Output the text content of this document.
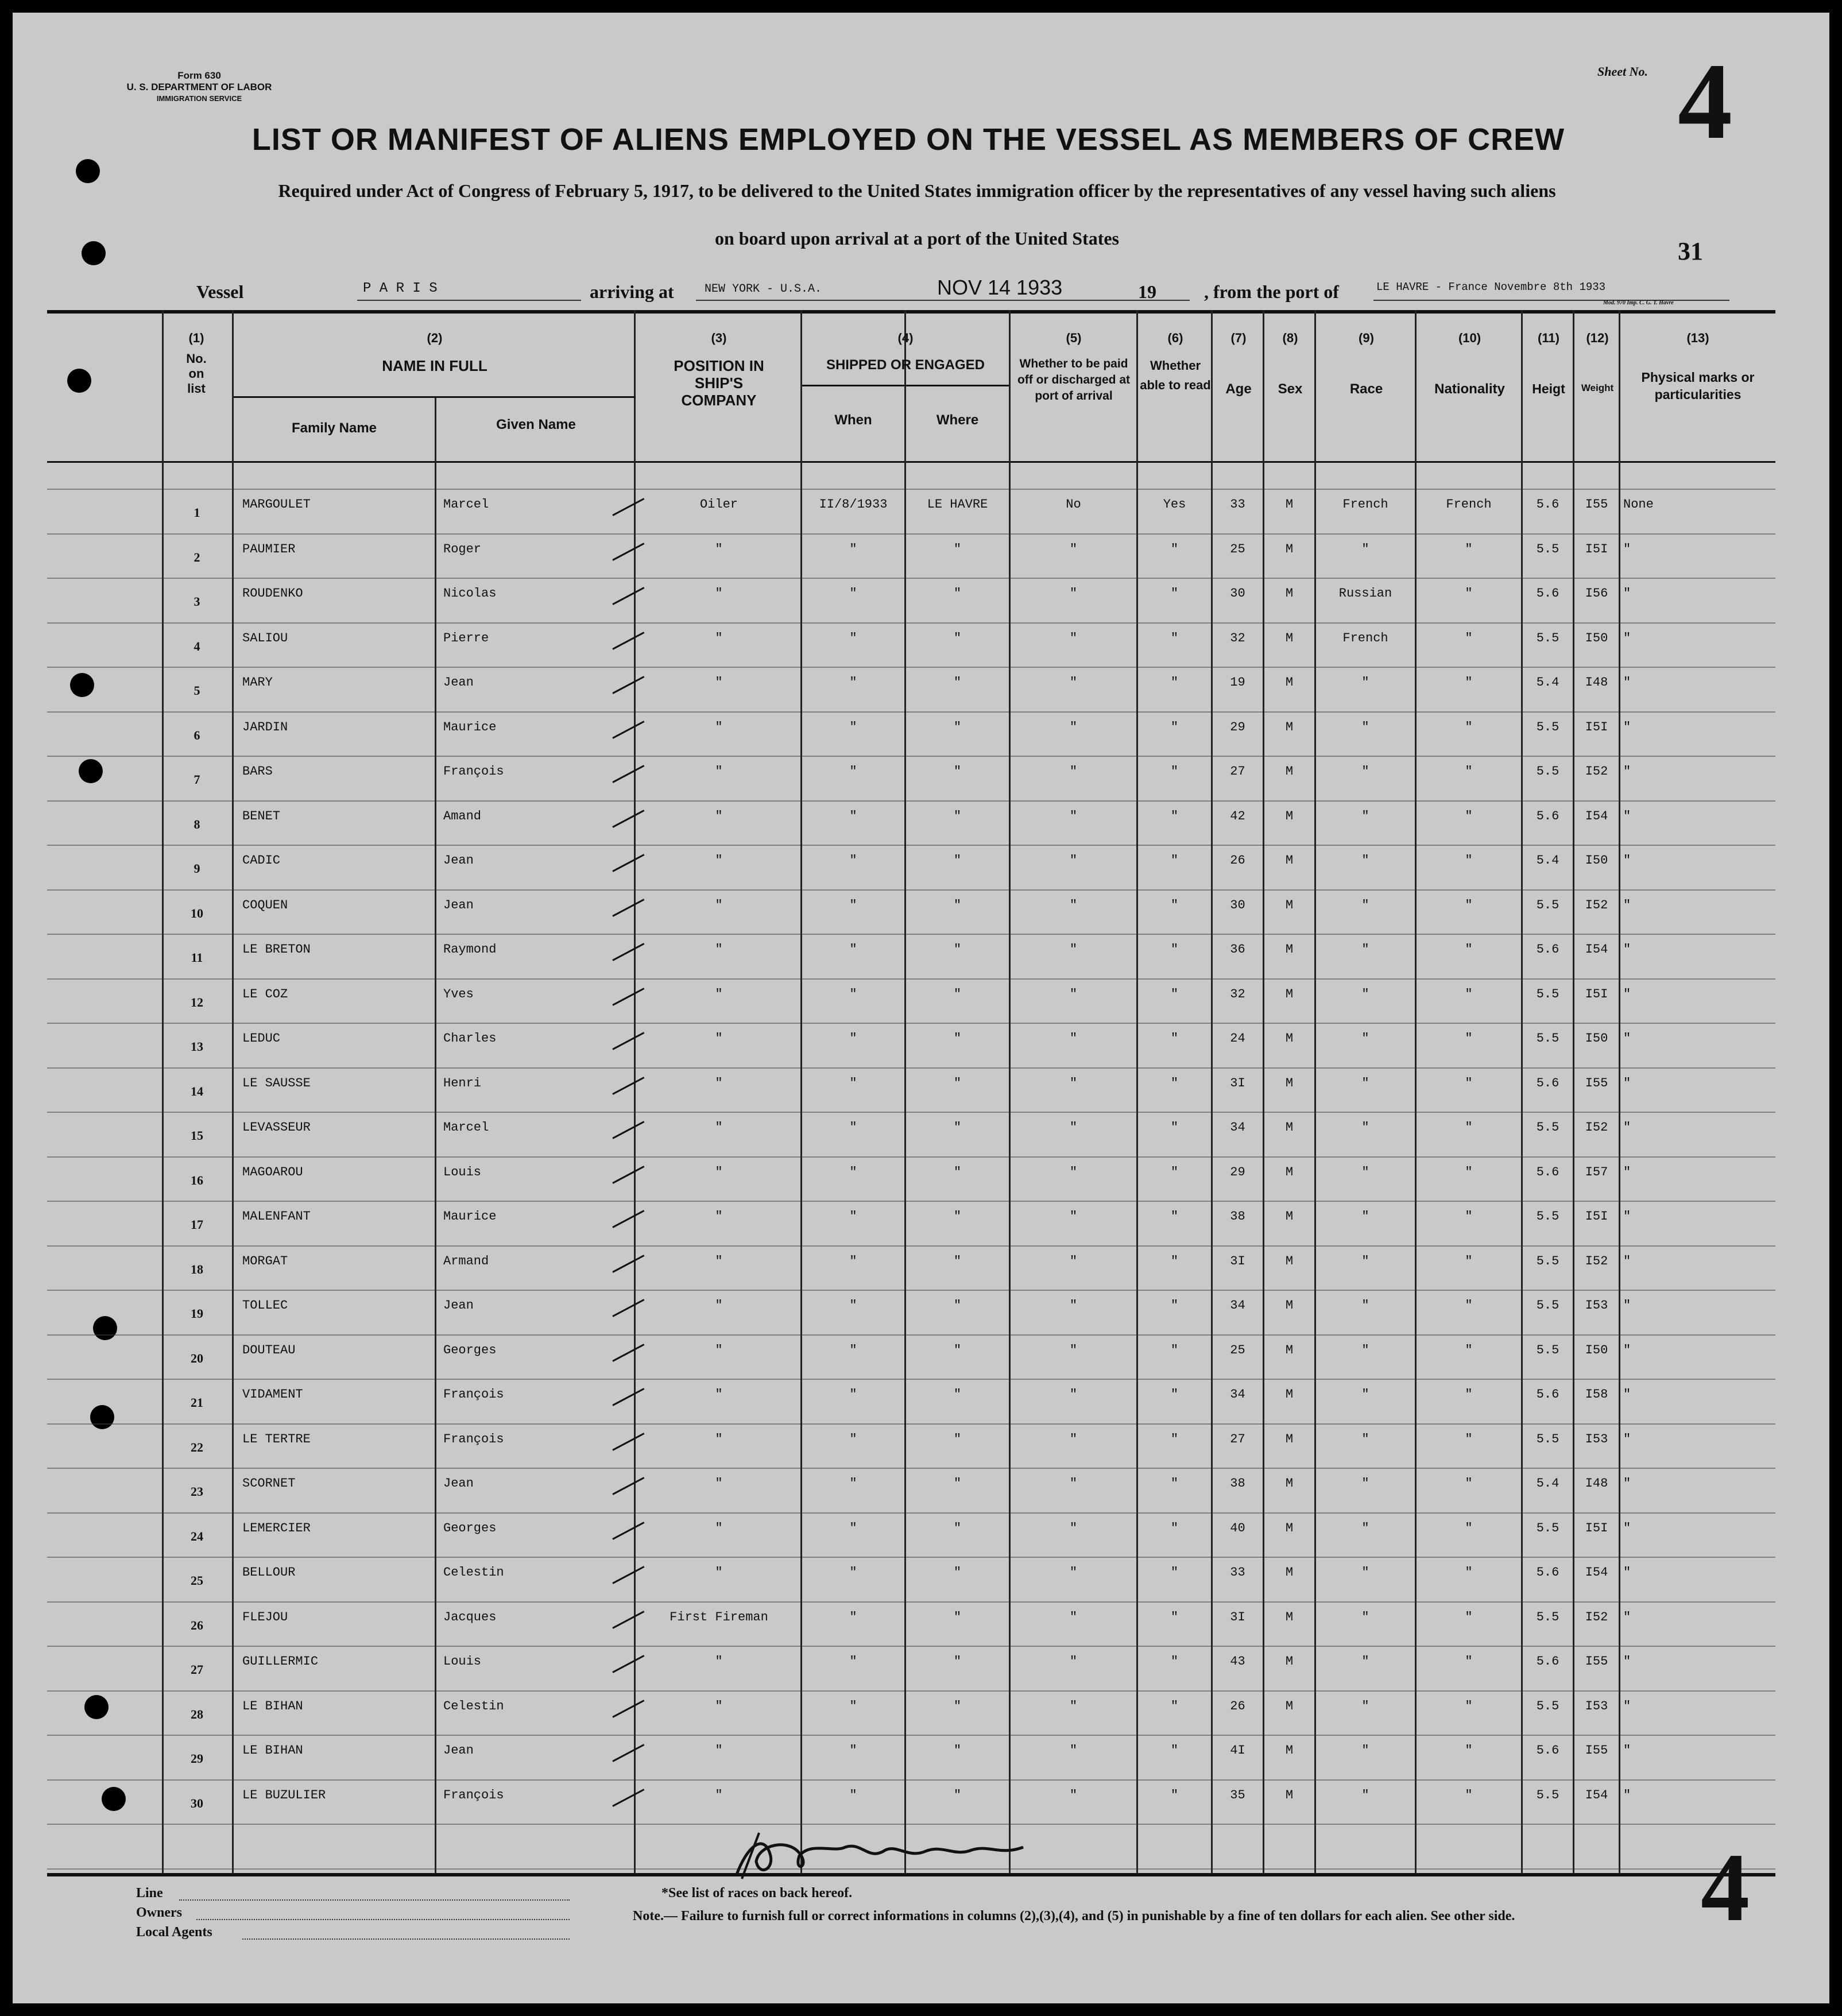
Form 630
U. S. DEPARTMENT OF LABOR
IMMIGRATION SERVICE
Sheet No. 4
LIST OR MANIFEST OF ALIENS EMPLOYED ON THE VESSEL AS MEMBERS OF CREW
Required under Act of Congress of February 5, 1917, to be delivered to the United States immigration officer by the representatives of any vessel having such aliens
on board upon arrival at a port of the United States	31
Vessel	P A R I S	arriving at	NEW YORK - U.S.A.	NOV 14 1933	19	, from the port of	LE HAVRE - France Novembre 8th 1933
Mod. 970 Imp. C. G. T. Havre
(1)
No. on list
(2)
NAME IN FULL
Family Name	Given Name
(3)
POSITION IN SHIP'S COMPANY
(4)
SHIPPED OR ENGAGED
When	Where
(5)
Whether to be paid off or discharged at port of arrival
(6)
Whether able to read
(7)
Age
(8)
Sex
(9)
Race
(10)
Nationality
(11)
Heigt
(12)
Weight
(13)
Physical marks or particularities
1
MARGOULET	Marcel	Oiler	II/8/1933	LE HAVRE	No	Yes	33	M	French	French	5.6	I55	None
2
PAUMIER	Roger	"	"	"	"	"	25	M	"	"	5.5	I5I	"
3
ROUDENKO	Nicolas	"	"	"	"	"	30	M	Russian	"	5.6	I56	"
4
SALIOU	Pierre	"	"	"	"	"	32	M	French	"	5.5	I50	"
5
MARY	Jean	"	"	"	"	"	19	M	"	"	5.4	I48	"
6
JARDIN	Maurice	"	"	"	"	"	29	M	"	"	5.5	I5I	"
7
BARS	François	"	"	"	"	"	27	M	"	"	5.5	I52	"
8
BENET	Amand	"	"	"	"	"	42	M	"	"	5.6	I54	"
9
CADIC	Jean	"	"	"	"	"	26	M	"	"	5.4	I50	"
10
COQUEN	Jean	"	"	"	"	"	30	M	"	"	5.5	I52	"
11
LE BRETON	Raymond	"	"	"	"	"	36	M	"	"	5.6	I54	"
12
LE COZ	Yves	"	"	"	"	"	32	M	"	"	5.5	I5I	"
13
LEDUC	Charles	"	"	"	"	"	24	M	"	"	5.5	I50	"
14
LE SAUSSE	Henri	"	"	"	"	"	3I	M	"	"	5.6	I55	"
15
LEVASSEUR	Marcel	"	"	"	"	"	34	M	"	"	5.5	I52	"
16
MAGOAROU	Louis	"	"	"	"	"	29	M	"	"	5.6	I57	"
17
MALENFANT	Maurice	"	"	"	"	"	38	M	"	"	5.5	I5I	"
18
MORGAT	Armand	"	"	"	"	"	3I	M	"	"	5.5	I52	"
19
TOLLEC	Jean	"	"	"	"	"	34	M	"	"	5.5	I53	"
20
DOUTEAU	Georges	"	"	"	"	"	25	M	"	"	5.5	I50	"
21
VIDAMENT	François	"	"	"	"	"	34	M	"	"	5.6	I58	"
22
LE TERTRE	François	"	"	"	"	"	27	M	"	"	5.5	I53	"
23
SCORNET	Jean	"	"	"	"	"	38	M	"	"	5.4	I48	"
24
LEMERCIER	Georges	"	"	"	"	"	40	M	"	"	5.5	I5I	"
25
BELLOUR	Celestin	"	"	"	"	"	33	M	"	"	5.6	I54	"
26
FLEJOU	Jacques	First Fireman	"	"	"	"	3I	M	"	"	5.5	I52	"
27
GUILLERMIC	Louis	"	"	"	"	"	43	M	"	"	5.6	I55	"
28
LE BIHAN	Celestin	"	"	"	"	"	26	M	"	"	5.5	I53	"
29
LE BIHAN	Jean	"	"	"	"	"	4I	M	"	"	5.6	I55	"
30
LE BUZULIER	François	"	"	"	"	"	35	M	"	"	5.5	I54	"
Line
Owners
Local Agents
*See list of races on back hereof.
Note.— Failure to furnish full or correct informations in columns (2),(3),(4), and (5) in punishable by a fine of ten dollars for each alien. See other side. 4
